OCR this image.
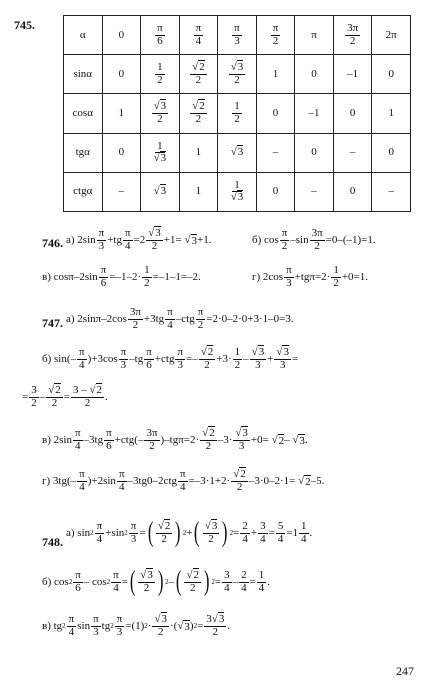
745.
α	0	$\frac{\pi}{6}$	$\frac{\pi}{4}$	$\frac{\pi}{3}$	$\frac{\pi}{2}$	π	$\frac{3\pi}{2}$	2π
sinα	0	$\frac{1}{2}$	$\frac{√2}{2}$	$\frac{√3}{2}$	1	0	–1	0
cosα	1	$\frac{√3}{2}$	$\frac{√2}{2}$	$\frac{1}{2}$	0	–1	0	1
tgα	0	$\frac{1}{√3}$	1	√3	–	0	–	0
ctgα	–	√3	1	$\frac{1}{√3}$	0	–	0	–
746. а) $2\sin \frac{\pi}{3} +tg \frac{\pi}{4} =2 \frac{√3}{2} +1=$ √ 3 +1.	б) $\cos \frac{\pi}{2} -\sin \frac{3\pi}{2} =0-(-1)=1$.
в) $\cos\pi-2\sin \frac{\pi}{6} =-1-2\cdot \frac{1}{2} =-1-1=-2$.	г) $2\cos \frac{\pi}{3} +tg\pi=2\cdot \frac{1}{2} +0=1$.
747. а) $2\sin\pi-2\cos \frac{3\pi}{2} +3tg \frac{\pi}{4} -ctg \frac{\pi}{2} =2\cdot 0-2\cdot 0+3\cdot 1-0=3$.
б) $\sin(- \frac{\pi}{4} )+3\cos \frac{\pi}{3} -tg \frac{\pi}{6} +ctg \frac{\pi}{3} =- \frac{√2}{2} +3\cdot \frac{1}{2} - \frac{√3}{3} + \frac{√3}{3}$ =
= $\frac{3}{2} - \frac{√2}{2} = \frac{3 - √2}{2}$ .
в) $2\sin \frac{\pi}{4} -3tg \frac{\pi}{6} +ctg(- \frac{3\pi}{2} )-tg\pi=2\cdot \frac{√2}{2} -3\cdot \frac{√3}{3} +0=$ √ 2 – √ 3 .
г) $3tg(- \frac{\pi}{4} )+2\sin \frac{\pi}{4} -3tg0-2ctg \frac{\pi}{4} =-3\cdot 1+2\cdot \frac{√2}{2} -3\cdot 0-2\cdot 1=$ √ 2 –5.
748.
а) $\sin 2 \frac{\pi}{4} +\sin$ $2 \frac{\pi}{3}$ = ( $\frac{√2}{2}$ ) 2 + ( $\frac{√3}{2}$ ) $2 = \frac{2}{4} + \frac{3}{4} = \frac{5}{4} =1 \frac{1}{4}$ .
б) $\cos 2 \frac{\pi}{6}$ – $\cos 2 \frac{\pi}{4}$ = ( $\frac{√3}{2}$ ) 2 – ( $\frac{√2}{2}$ ) $2 = \frac{3}{4} - \frac{2}{4} = \frac{1}{4}$ .
в) tg $2 \frac{\pi}{4}$ $\sin \frac{\pi}{3}$ tg $2 \frac{\pi}{3} =(1) 2 \cdot \frac{√3}{2}$ ·(√ 3 ) $2 = \frac{3√3}{2}$ .
247
